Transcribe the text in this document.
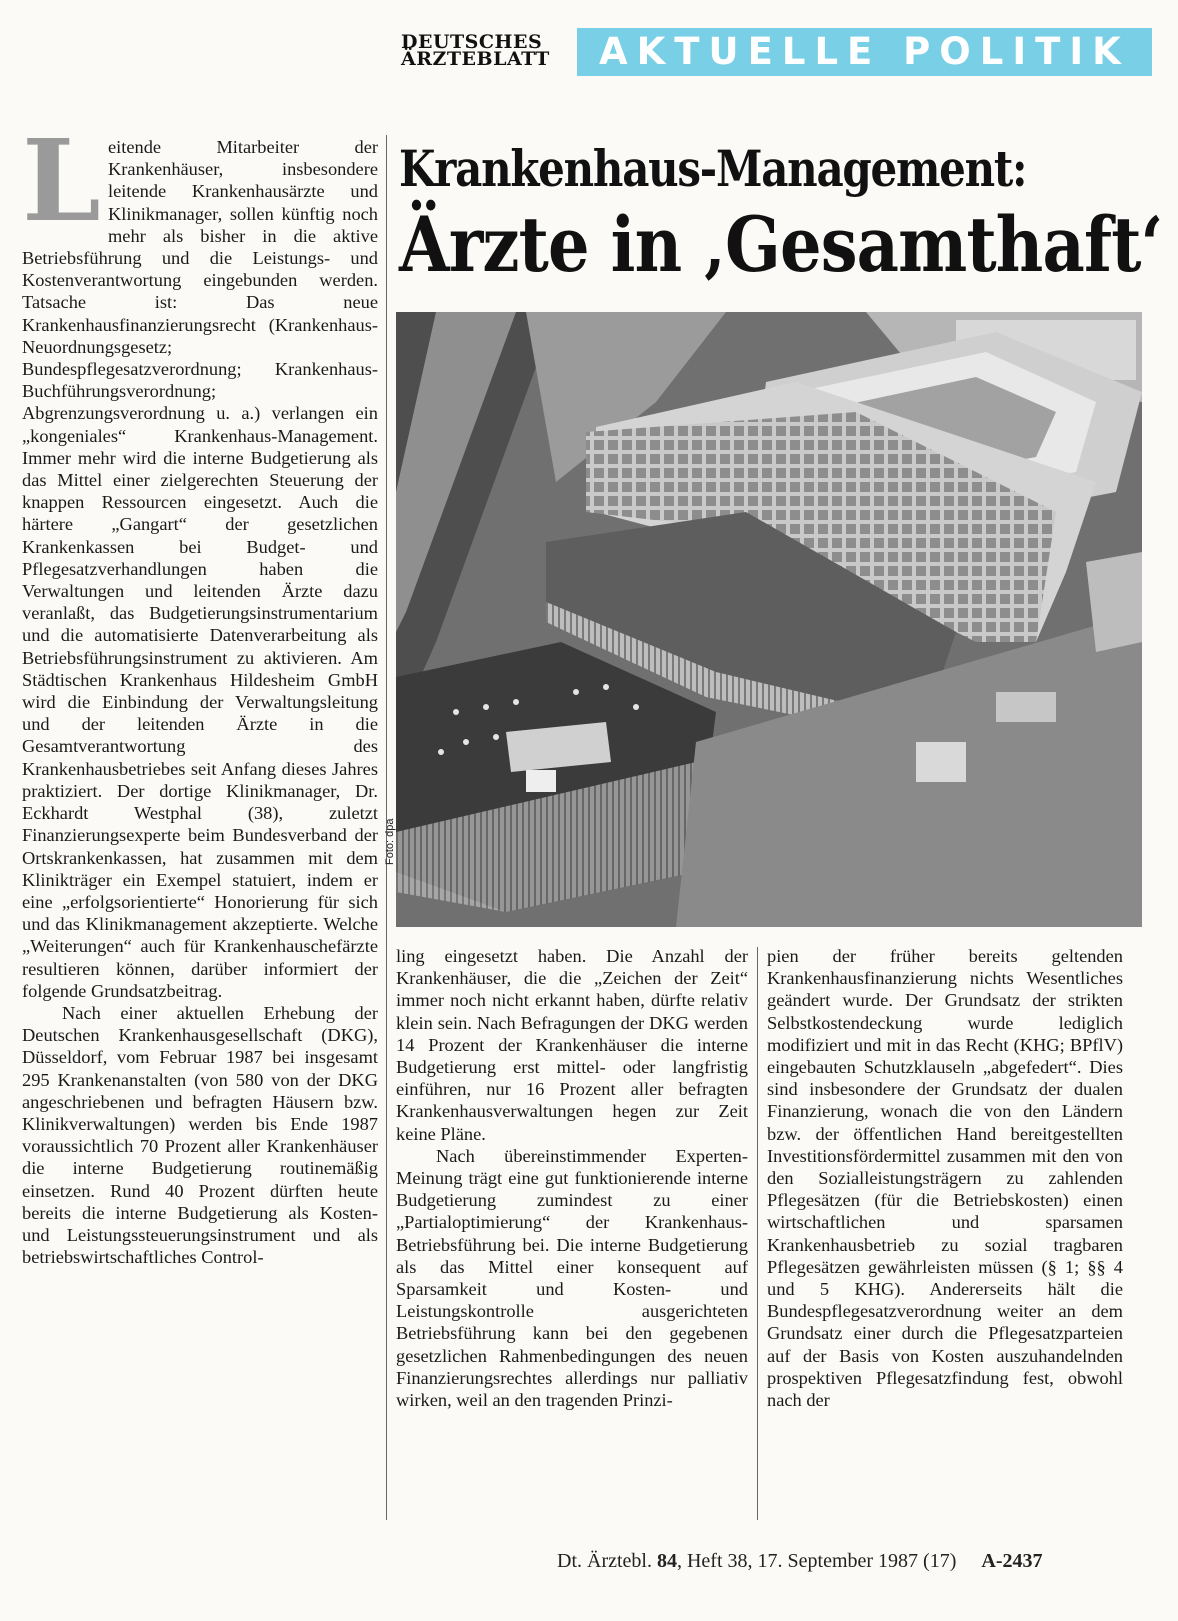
DEUTSCHES
ÄRZTEBLATT	AKTUELLE POLITIK
L eitende Mitarbeiter der Krankenhäuser, insbesondere leitende Krankenhausärzte und Klinikmanager, sollen künftig noch mehr als bisher in die aktive Betriebsführung und die Leistungs- und Kostenverantwortung eingebunden werden. Tatsache ist: Das neue Krankenhausfinanzierungsrecht (Krankenhaus-Neuordnungsgesetz; Bundespflegesatzverordnung; Krankenhaus-Buchführungsverordnung; Abgrenzungsverordnung u. a.) verlangen ein „kongeniales“ Krankenhaus-Management. Immer mehr wird die interne Budgetierung als das Mittel einer zielgerechten Steuerung der knappen Ressourcen eingesetzt. Auch die härtere „Gangart“ der gesetzlichen Krankenkassen bei Budget- und Pflegesatzverhandlungen haben die Verwaltungen und leitenden Ärzte dazu veranlaßt, das Budgetierungsinstrumentarium und die automatisierte Datenverarbeitung als Betriebsführungsinstrument zu aktivieren. Am Städtischen Krankenhaus Hildesheim GmbH wird die Einbindung der Verwaltungsleitung und der leitenden Ärzte in die Gesamtverantwortung des Krankenhausbetriebes seit Anfang dieses Jahres praktiziert. Der dortige Klinikmanager, Dr. Eckhardt Westphal (38), zuletzt Finanzierungsexperte beim Bundesverband der Ortskrankenkassen, hat zusammen mit dem Klinikträger ein Exempel statuiert, indem er eine „erfolgsorientierte“ Honorierung für sich und das Klinikmanagement akzeptierte. Welche „Weiterungen“ auch für Krankenhauschefärzte resultieren können, darüber informiert der folgende Grundsatzbeitrag.

Nach einer aktuellen Erhebung der Deutschen Krankenhausgesellschaft (DKG), Düsseldorf, vom Februar 1987 bei insgesamt 295 Krankenanstalten (von 580 von der DKG angeschriebenen und befragten Häusern bzw. Klinikverwaltungen) werden bis Ende 1987 voraussichtlich 70 Prozent aller Krankenhäuser die interne Budgetierung routinemäßig einsetzen. Rund 40 Prozent dürften heute bereits die interne Budgetierung als Kosten- und Leistungssteuerungsinstrument und als betriebswirtschaftliches Control-

Krankenhaus-Management:
Ärzte in ‚Gesamthaft‘
Foto: dpa

ling eingesetzt haben. Die Anzahl der Krankenhäuser, die die „Zeichen der Zeit“ immer noch nicht erkannt haben, dürfte relativ klein sein. Nach Befragungen der DKG werden 14 Prozent der Krankenhäuser die interne Budgetierung erst mittel- oder langfristig einführen, nur 16 Prozent aller befragten Krankenhausverwaltungen hegen zur Zeit keine Pläne.

Nach übereinstimmender Experten-Meinung trägt eine gut funktionierende interne Budgetierung zumindest zu einer „Partialoptimierung“ der Krankenhaus-Betriebsführung bei. Die interne Budgetierung als das Mittel einer konsequent auf Sparsamkeit und Kosten- und Leistungskontrolle ausgerichteten Betriebsführung kann bei den gegebenen gesetzlichen Rahmenbedingungen des neuen Finanzierungsrechtes allerdings nur palliativ wirken, weil an den tragenden Prinzi-

pien der früher bereits geltenden Krankenhausfinanzierung nichts Wesentliches geändert wurde. Der Grundsatz der strikten Selbstkostendeckung wurde lediglich modifiziert und mit in das Recht (KHG; BPflV) eingebauten Schutzklauseln „abgefedert“. Dies sind insbesondere der Grundsatz der dualen Finanzierung, wonach die von den Ländern bzw. der öffentlichen Hand bereitgestellten Investitionsfördermittel zusammen mit den von den Sozialleistungsträgern zu zahlenden Pflegesätzen (für die Betriebskosten) einen wirtschaftlichen und sparsamen Krankenhausbetrieb zu sozial tragbaren Pflegesätzen gewährleisten müssen (§ 1; §§ 4 und 5 KHG). Andererseits hält die Bundespflegesatzverordnung weiter an dem Grundsatz einer durch die Pflegesatzparteien auf der Basis von Kosten auszuhandelnden prospektiven Pflegesatzfindung fest, obwohl nach der

Dt. Ärztebl. 84, Heft 38, 17. September 1987 (17) A-2437
